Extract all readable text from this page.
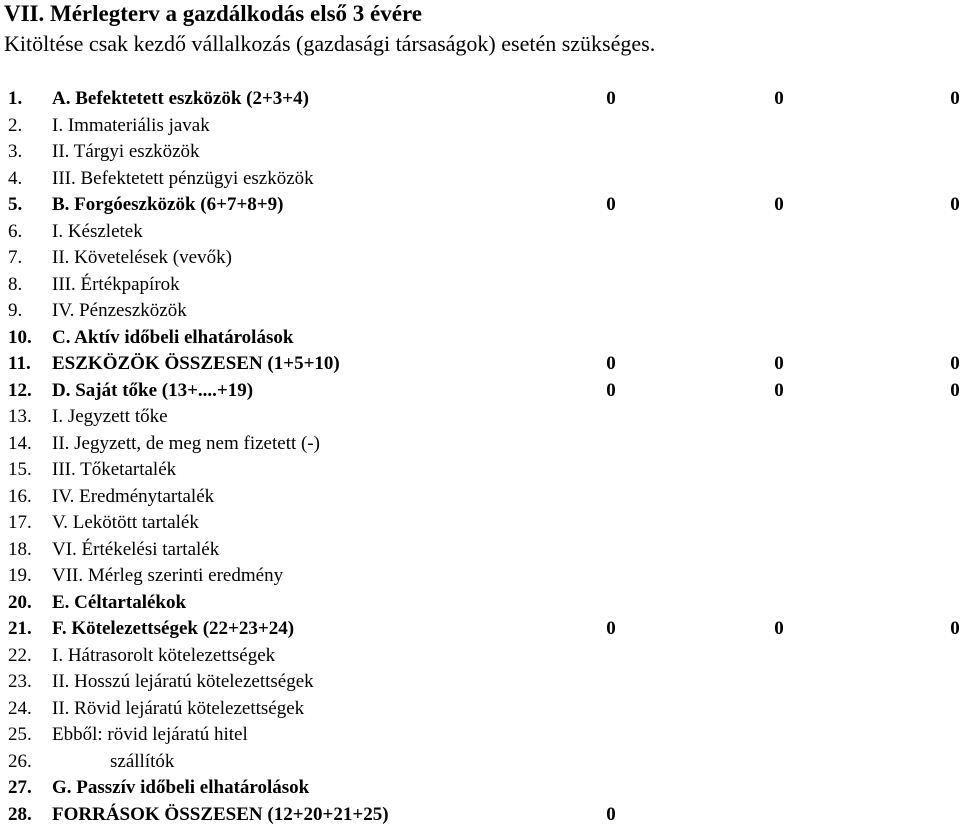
VII. Mérlegterv a gazdálkodás első 3 évére
Kitöltése csak kezdő vállalkozás (gazdasági társaságok) esetén szükséges.
1. A. Befektetett eszközök (2+3+4)	0	0	0
2. I. Immateriális javak
3. II. Tárgyi eszközök
4. III. Befektetett pénzügyi eszközök
5. B. Forgóeszközök (6+7+8+9)	0	0	0
6. I. Készletek
7. II. Követelések (vevők)
8. III. Értékpapírok
9. IV. Pénzeszközök
10. C. Aktív időbeli elhatárolások
11. ESZKÖZÖK ÖSSZESEN (1+5+10)	0	0	0
12. D. Saját tőke (13+....+19)	0	0	0
13. I. Jegyzett tőke
14. II. Jegyzett, de meg nem fizetett (-)
15. III. Tőketartalék
16. IV. Eredménytartalék
17. V. Lekötött tartalék
18. VI. Értékelési tartalék
19. VII. Mérleg szerinti eredmény
20. E. Céltartalékok
21. F. Kötelezettségek (22+23+24)	0	0	0
22. I. Hátrasorolt kötelezettségek
23. II. Hosszú lejáratú kötelezettségek
24. II. Rövid lejáratú kötelezettségek
25. Ebből: rövid lejáratú hitel
26.	szállítók
27. G. Passzív időbeli elhatárolások
28. FORRÁSOK ÖSSZESEN (12+20+21+25)	0
